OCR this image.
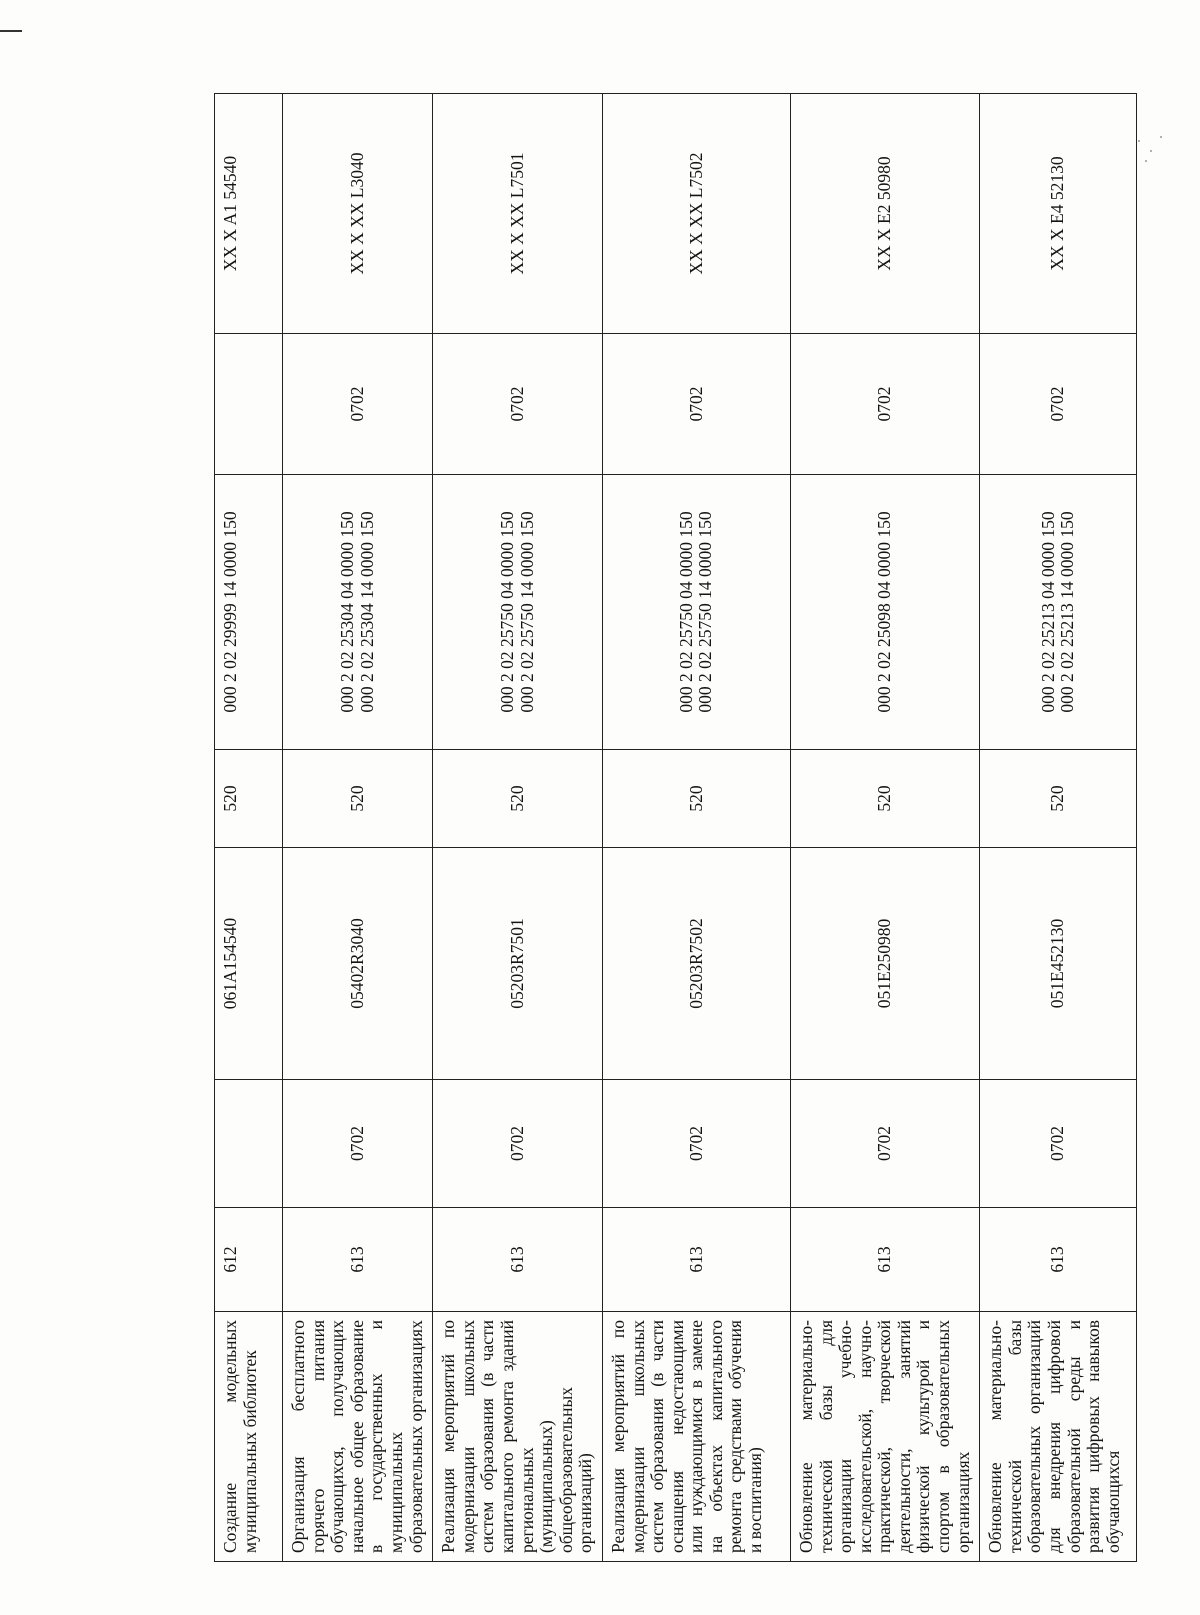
Создание модельных муниципальных библиотек	612		061A154540	520	000 2 02 29999 14 0000 150		XX X A1 54540
Организация бесплатного горячего питания обучающихся, получающих начальное общее образование в государственных и муниципальных образовательных организациях	613	0702	05402R3040	520	000 2 02 25304 04 0000 150 000 2 02 25304 14 0000 150	0702	XX X XX L3040
Реализация мероприятий по модернизации школьных систем образования (в части капитального ремонта зданий региональных (муниципальных) общеобразовательных организаций)	613	0702	05203R7501	520	000 2 02 25750 04 0000 150 000 2 02 25750 14 0000 150	0702	XX X XX L7501
Реализация мероприятий по модернизации школьных систем образования (в части оснащения недостающими или нуждающимися в замене на объектах капитального ремонта средствами обучения и воспитания)	613	0702	05203R7502	520	000 2 02 25750 04 0000 150 000 2 02 25750 14 0000 150	0702	XX X XX L7502
Обновление материально-технической базы для организации учебно-исследовательской, научно-практической, творческой деятельности, занятий физической культурой и спортом в образовательных организациях	613	0702	051E250980	520	000 2 02 25098 04 0000 150	0702	XX X E2 50980
Обновление материально-технической базы образовательных организаций для внедрения цифровой образовательной среды и развития цифровых навыков обучающихся	613	0702	051E452130	520	000 2 02 25213 04 0000 150 000 2 02 25213 14 0000 150	0702	XX X E4 52130
